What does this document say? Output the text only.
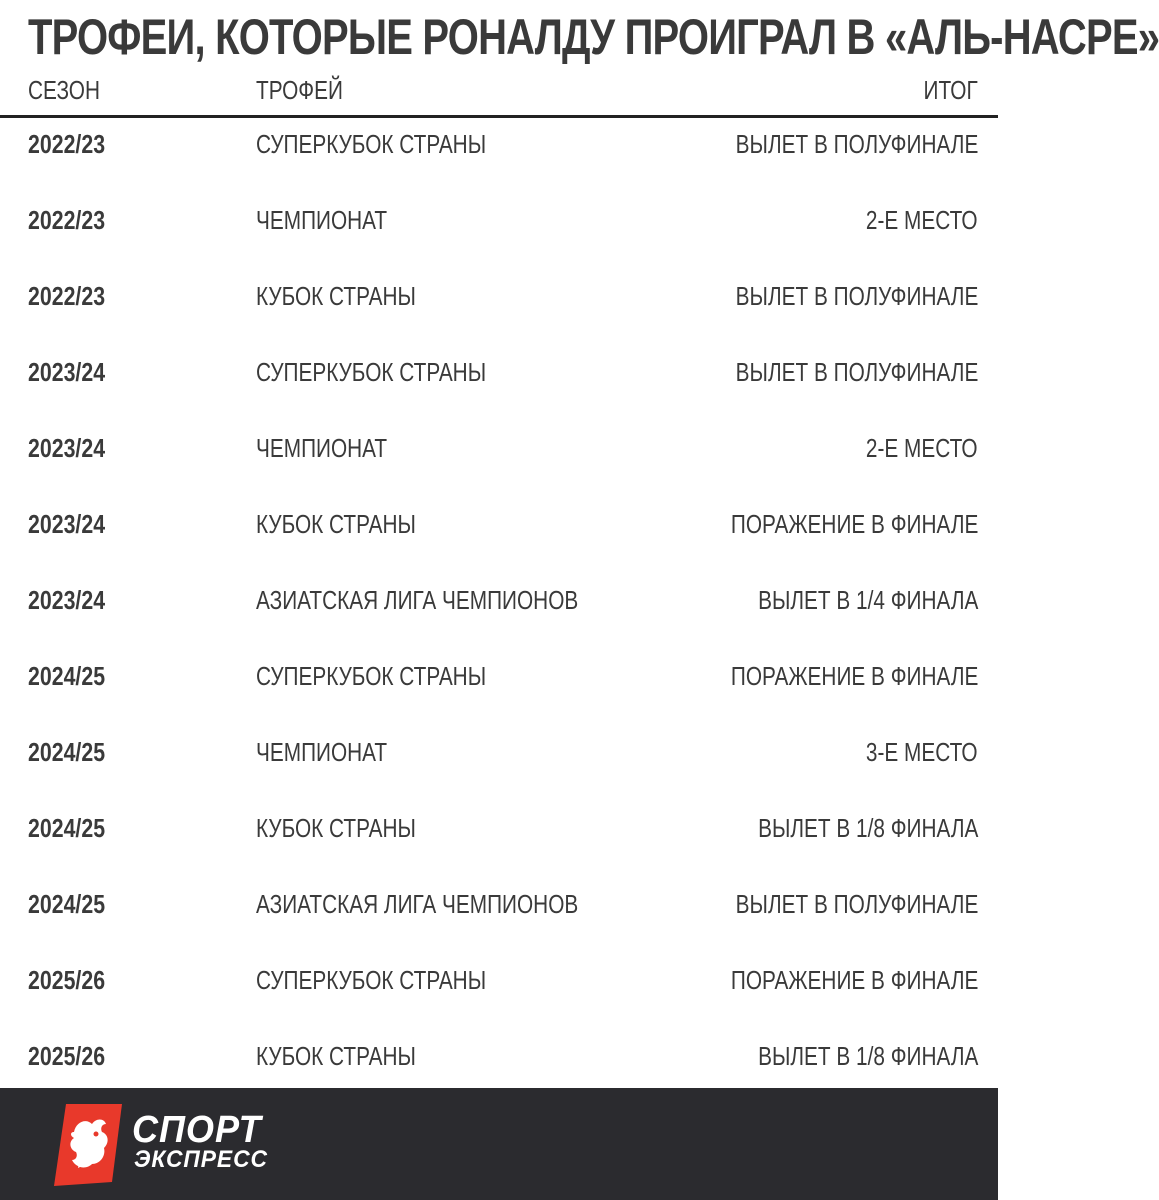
ТРОФЕИ, КОТОРЫЕ РОНАЛДУ ПРОИГРАЛ В «АЛЬ-НАСРЕ»
СЕЗОН	ТРОФЕЙ	ИТОГ
2022/23	СУПЕРКУБОК СТРАНЫ	ВЫЛЕТ В ПОЛУФИНАЛЕ
2022/23	ЧЕМПИОНАТ	2-Е МЕСТО
2022/23	КУБОК СТРАНЫ	ВЫЛЕТ В ПОЛУФИНАЛЕ
2023/24	СУПЕРКУБОК СТРАНЫ	ВЫЛЕТ В ПОЛУФИНАЛЕ
2023/24	ЧЕМПИОНАТ	2-Е МЕСТО
2023/24	КУБОК СТРАНЫ	ПОРАЖЕНИЕ В ФИНАЛЕ
2023/24	АЗИАТСКАЯ ЛИГА ЧЕМПИОНОВ	ВЫЛЕТ В 1/4 ФИНАЛА
2024/25	СУПЕРКУБОК СТРАНЫ	ПОРАЖЕНИЕ В ФИНАЛЕ
2024/25	ЧЕМПИОНАТ	3-Е МЕСТО
2024/25	КУБОК СТРАНЫ	ВЫЛЕТ В 1/8 ФИНАЛА
2024/25	АЗИАТСКАЯ ЛИГА ЧЕМПИОНОВ	ВЫЛЕТ В ПОЛУФИНАЛЕ
2025/26	СУПЕРКУБОК СТРАНЫ	ПОРАЖЕНИЕ В ФИНАЛЕ
2025/26	КУБОК СТРАНЫ	ВЫЛЕТ В 1/8 ФИНАЛА
СПОРТ
ЭКСПРЕСС
